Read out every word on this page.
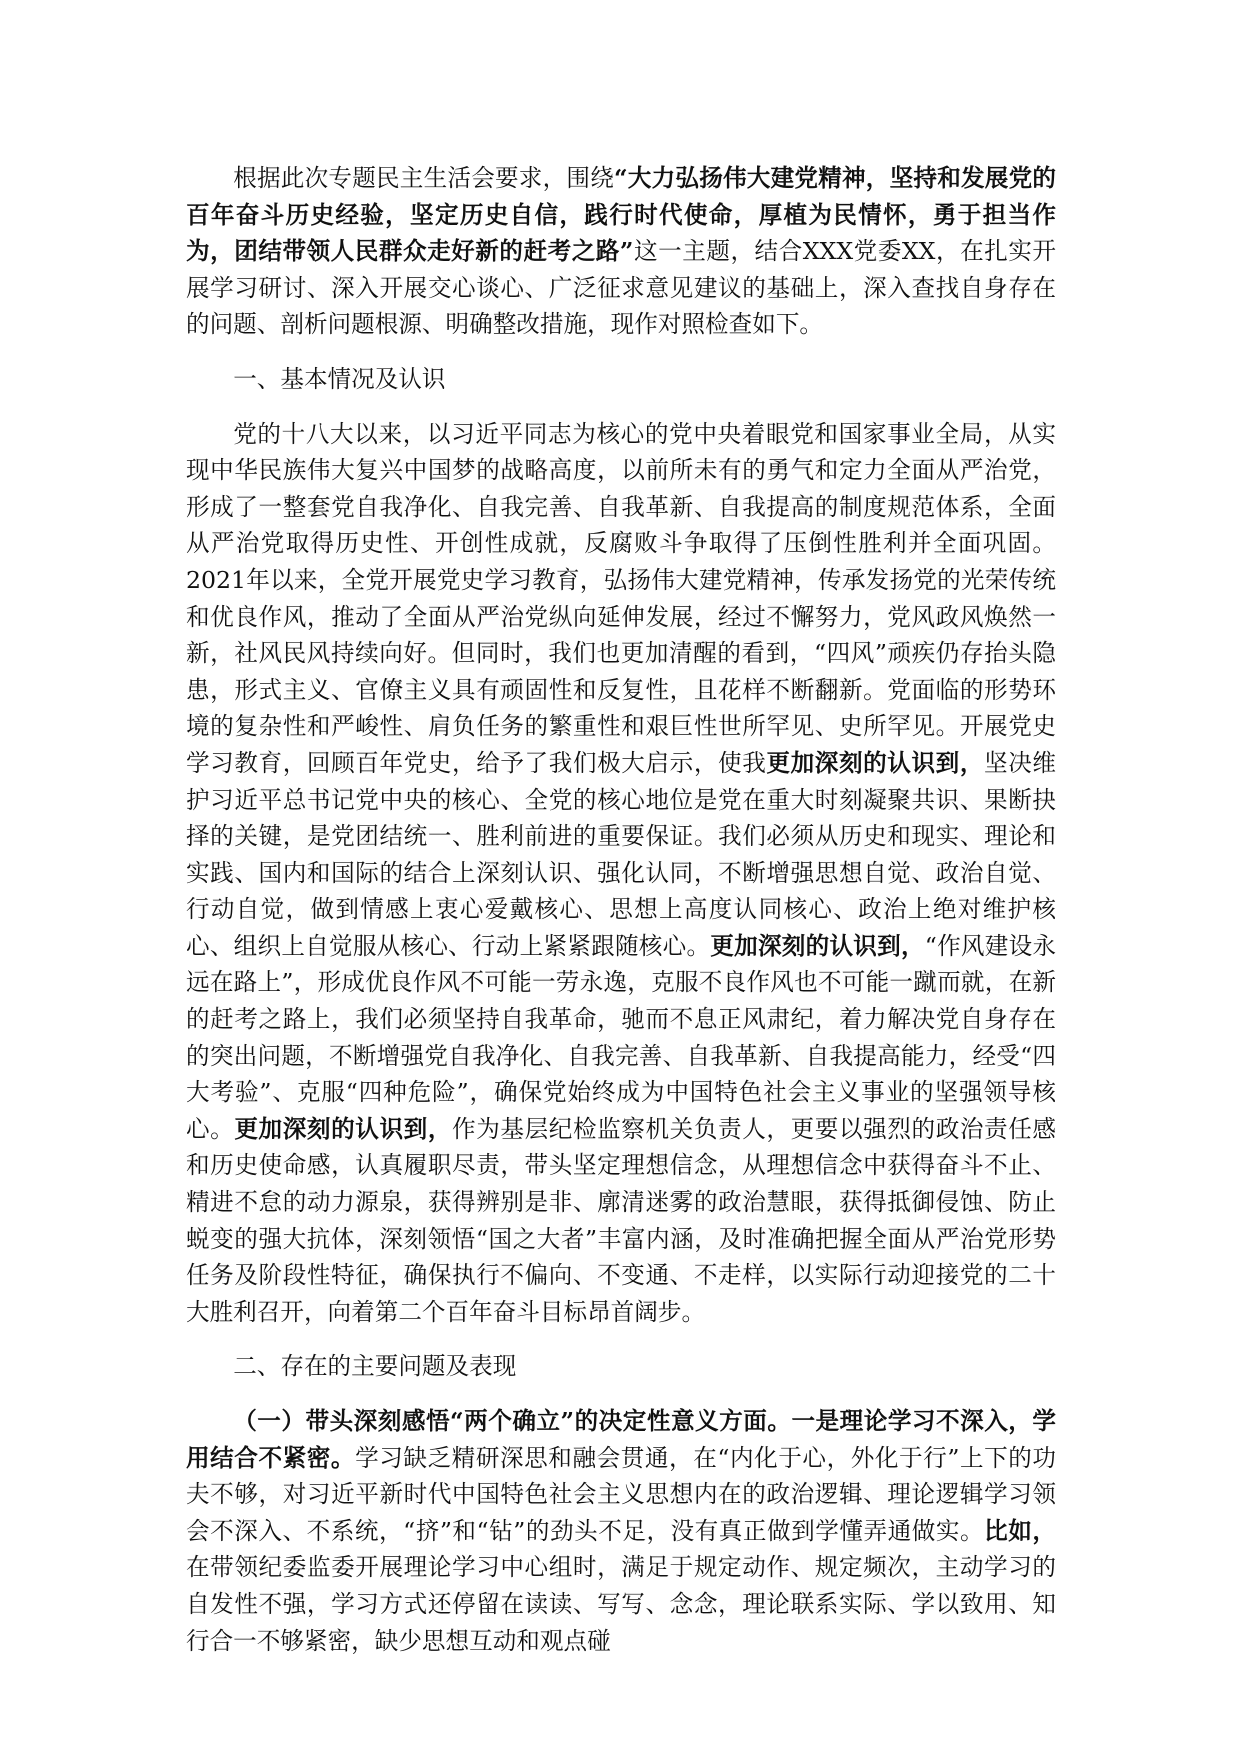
根据此次专题民主生活会要求，围绕“大力弘扬伟大建党精神，坚持和发展党的百年奋斗历史经验，坚定历史自信，践行时代使命，厚植为民情怀，勇于担当作为，团结带领人民群众走好新的赶考之路”这一主题，结合XXX党委XX，在扎实开展学习研讨、深入开展交心谈心、广泛征求意见建议的基础上，深入查找自身存在的问题、剖析问题根源、明确整改措施，现作对照检查如下。

一、基本情况及认识

党的十八大以来，以习近平同志为核心的党中央着眼党和国家事业全局，从实现中华民族伟大复兴中国梦的战略高度，以前所未有的勇气和定力全面从严治党，形成了一整套党自我净化、自我完善、自我革新、自我提高的制度规范体系，全面从严治党取得历史性、开创性成就，反腐败斗争取得了压倒性胜利并全面巩固。2021年以来，全党开展党史学习教育，弘扬伟大建党精神，传承发扬党的光荣传统和优良作风，推动了全面从严治党纵向延伸发展，经过不懈努力，党风政风焕然一新，社风民风持续向好。但同时，我们也更加清醒的看到，“四风”顽疾仍存抬头隐患，形式主义、官僚主义具有顽固性和反复性，且花样不断翻新。党面临的形势环境的复杂性和严峻性、肩负任务的繁重性和艰巨性世所罕见、史所罕见。开展党史学习教育，回顾百年党史，给予了我们极大启示，使我更加深刻的认识到，坚决维护习近平总书记党中央的核心、全党的核心地位是党在重大时刻凝聚共识、果断抉择的关键，是党团结统一、胜利前进的重要保证。我们必须从历史和现实、理论和实践、国内和国际的结合上深刻认识、强化认同，不断增强思想自觉、政治自觉、行动自觉，做到情感上衷心爱戴核心、思想上高度认同核心、政治上绝对维护核心、组织上自觉服从核心、行动上紧紧跟随核心。更加深刻的认识到，“作风建设永远在路上”，形成优良作风不可能一劳永逸，克服不良作风也不可能一蹴而就，在新的赶考之路上，我们必须坚持自我革命，驰而不息正风肃纪，着力解决党自身存在的突出问题，不断增强党自我净化、自我完善、自我革新、自我提高能力，经受“四大考验”、克服“四种危险”，确保党始终成为中国特色社会主义事业的坚强领导核心。更加深刻的认识到，作为基层纪检监察机关负责人，更要以强烈的政治责任感和历史使命感，认真履职尽责，带头坚定理想信念，从理想信念中获得奋斗不止、精进不怠的动力源泉，获得辨别是非、廓清迷雾的政治慧眼，获得抵御侵蚀、防止蜕变的强大抗体，深刻领悟“国之大者”丰富内涵，及时准确把握全面从严治党形势任务及阶段性特征，确保执行不偏向、不变通、不走样，以实际行动迎接党的二十大胜利召开，向着第二个百年奋斗目标昂首阔步。

二、存在的主要问题及表现

（一）带头深刻感悟“两个确立”的决定性意义方面。一是理论学习不深入，学用结合不紧密。学习缺乏精研深思和融会贯通，在“内化于心，外化于行”上下的功夫不够，对习近平新时代中国特色社会主义思想内在的政治逻辑、理论逻辑学习领会不深入、不系统，“挤”和“钻”的劲头不足，没有真正做到学懂弄通做实。比如，在带领纪委监委开展理论学习中心组时，满足于规定动作、规定频次，主动学习的自发性不强，学习方式还停留在读读、写写、念念，理论联系实际、学以致用、知行合一不够紧密，缺少思想互动和观点碰
